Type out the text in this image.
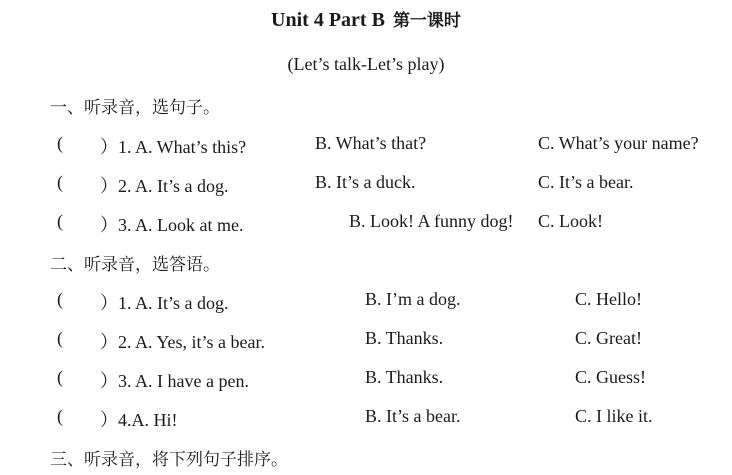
Unit 4 Part B 第一课时
(Let’s talk-Let’s play)
一、听录音，选句子。
( ）1. A. What’s this?	B. What’s that?	C. What’s your name?
( ）2. A. It’s a dog.	B. It’s a duck.	C. It’s a bear.
( ）3. A. Look at me.	B. Look! A funny dog! C. Look!
二、听录音，选答语。
( ）1. A. It’s a dog.	B. I’m a dog.	C. Hello!
( ）2. A. Yes, it’s a bear.	B. Thanks.	C. Great!
( ）3. A. I have a pen.	B. Thanks.	C. Guess!
( ）4.A. Hi!	B. It’s a bear.	C. I like it.
三、听录音，将下列句子排序。
